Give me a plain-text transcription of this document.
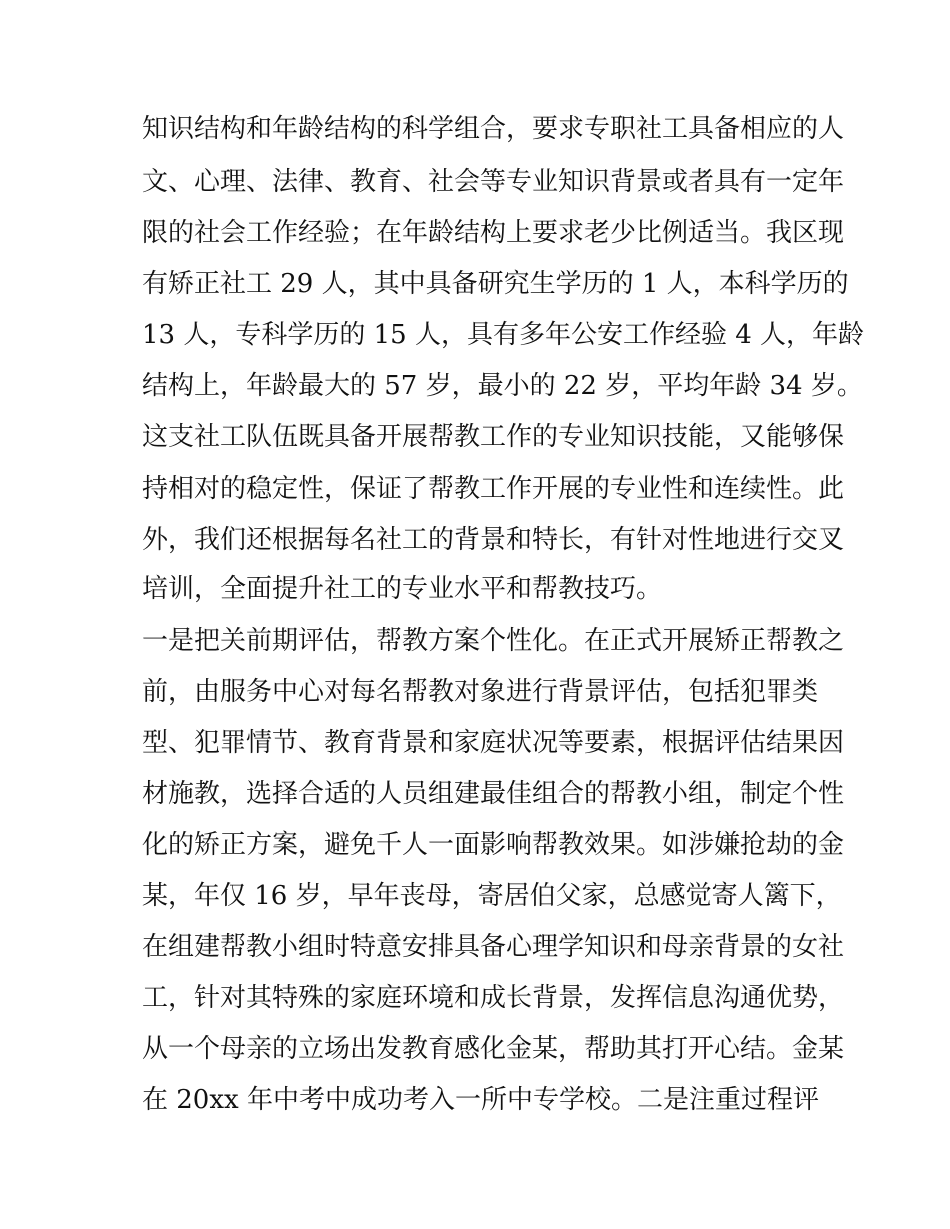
知识结构和年龄结构的科学组合，要求专职社工具备相应的人
文、心理、法律、教育、社会等专业知识背景或者具有一定年
限的社会工作经验；在年龄结构上要求老少比例适当。我区现
有矫正社工 29 人，其中具备研究生学历的 1 人，本科学历的
13 人，专科学历的 15 人，具有多年公安工作经验 4 人，年龄
结构上，年龄最大的 57 岁，最小的 22 岁，平均年龄 34 岁。
这支社工队伍既具备开展帮教工作的专业知识技能，又能够保
持相对的稳定性，保证了帮教工作开展的专业性和连续性。此
外，我们还根据每名社工的背景和特长，有针对性地进行交叉
培训，全面提升社工的专业水平和帮教技巧。
一是把关前期评估，帮教方案个性化。在正式开展矫正帮教之
前，由服务中心对每名帮教对象进行背景评估，包括犯罪类
型、犯罪情节、教育背景和家庭状况等要素，根据评估结果因
材施教，选择合适的人员组建最佳组合的帮教小组，制定个性
化的矫正方案，避免千人一面影响帮教效果。如涉嫌抢劫的金
某，年仅 16 岁，早年丧母，寄居伯父家，总感觉寄人篱下，
在组建帮教小组时特意安排具备心理学知识和母亲背景的女社
工，针对其特殊的家庭环境和成长背景，发挥信息沟通优势，
从一个母亲的立场出发教育感化金某，帮助其打开心结。金某
在 20xx 年中考中成功考入一所中专学校。二是注重过程评
